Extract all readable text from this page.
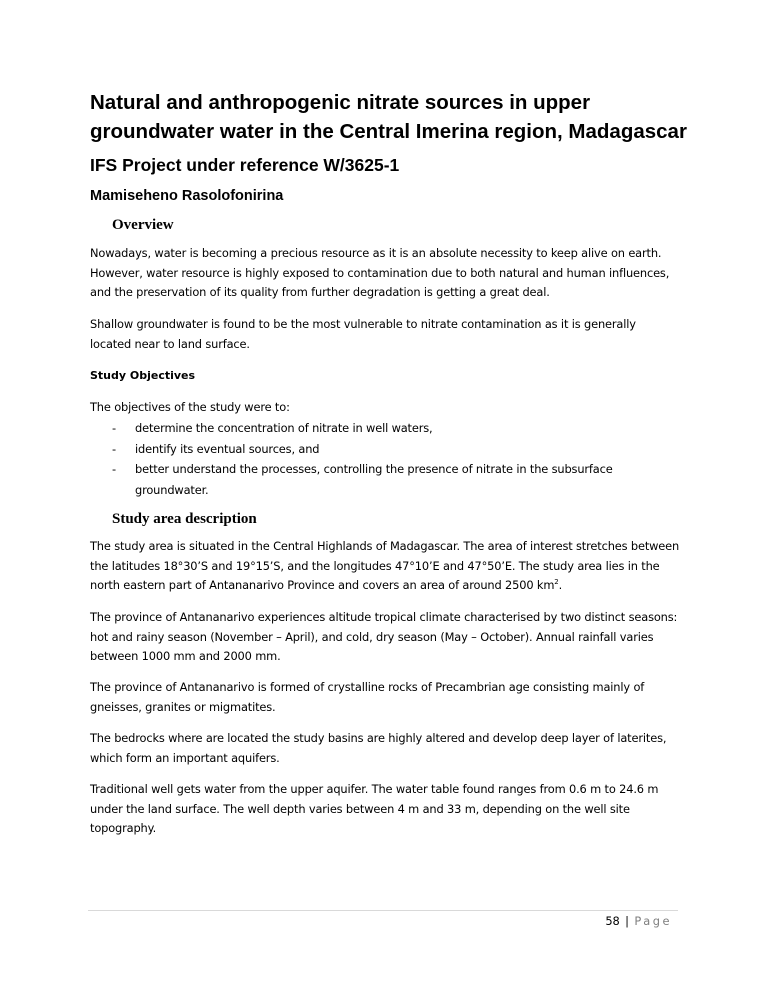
Natural and anthropogenic nitrate sources in upper groundwater water in the Central Imerina region, Madagascar
IFS Project under reference W/3625-1
Mamiseheno Rasolofonirina
Overview

Nowadays, water is becoming a precious resource as it is an absolute necessity to keep alive on earth. However, water resource is highly exposed to contamination due to both natural and human influences, and the preservation of its quality from further degradation is getting a great deal.

Shallow groundwater is found to be the most vulnerable to nitrate contamination as it is generally located near to land surface.

Study Objectives

The objectives of the study were to:

- determine the concentration of nitrate in well waters,
- identify its eventual sources, and
- better understand the processes, controlling the presence of nitrate in the subsurface groundwater.
Study area description

The study area is situated in the Central Highlands of Madagascar. The area of interest stretches between the latitudes 18°30’S and 19°15’S, and the longitudes 47°10’E and 47°50’E. The study area lies in the north eastern part of Antananarivo Province and covers an area of around 2500 $km^2$.

The province of Antananarivo experiences altitude tropical climate characterised by two distinct seasons: hot and rainy season (November – April), and cold, dry season (May – October). Annual rainfall varies between 1000 mm and 2000 mm.

The province of Antananarivo is formed of crystalline rocks of Precambrian age consisting mainly of gneisses, granites or migmatites.

The bedrocks where are located the study basins are highly altered and develop deep layer of laterites, which form an important aquifers.

Traditional well gets water from the upper aquifer. The water table found ranges from 0.6 m to 24.6 m under the land surface. The well depth varies between 4 m and 33 m, depending on the well site topography.

58 | Page
